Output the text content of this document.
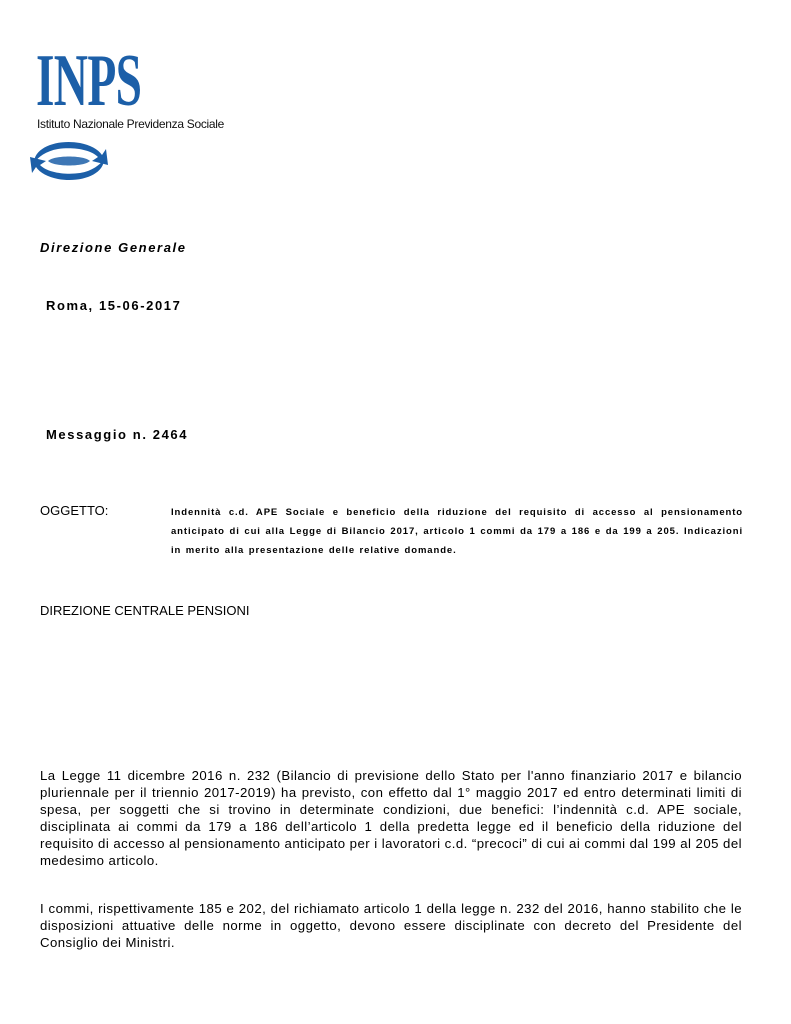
INPS
Istituto Nazionale Previdenza Sociale
Direzione Generale
Roma, 15-06-2017
Messaggio n. 2464
OGGETTO:	Indennità c.d. APE Sociale e beneficio della riduzione del requisito di accesso al pensionamento anticipato di cui alla Legge di Bilancio 2017, articolo 1 commi da 179 a 186 e da 199 a 205. Indicazioni in merito alla presentazione delle relative domande.
DIREZIONE CENTRALE PENSIONI
La Legge 11 dicembre 2016 n. 232 (Bilancio di previsione dello Stato per l'anno finanziario 2017 e bilancio pluriennale per il triennio 2017-2019) ha previsto, con effetto dal 1° maggio 2017 ed entro determinati limiti di spesa, per soggetti che si trovino in determinate condizioni, due benefici: l’indennità c.d. APE sociale, disciplinata ai commi da 179 a 186 dell’articolo 1 della predetta legge ed il beneficio della riduzione del requisito di accesso al pensionamento anticipato per i lavoratori c.d. “precoci” di cui ai commi dal 199 al 205 del medesimo articolo.
I commi, rispettivamente 185 e 202, del richiamato articolo 1 della legge n. 232 del 2016, hanno stabilito che le disposizioni attuative delle norme in oggetto, devono essere disciplinate con decreto del Presidente del Consiglio dei Ministri.
